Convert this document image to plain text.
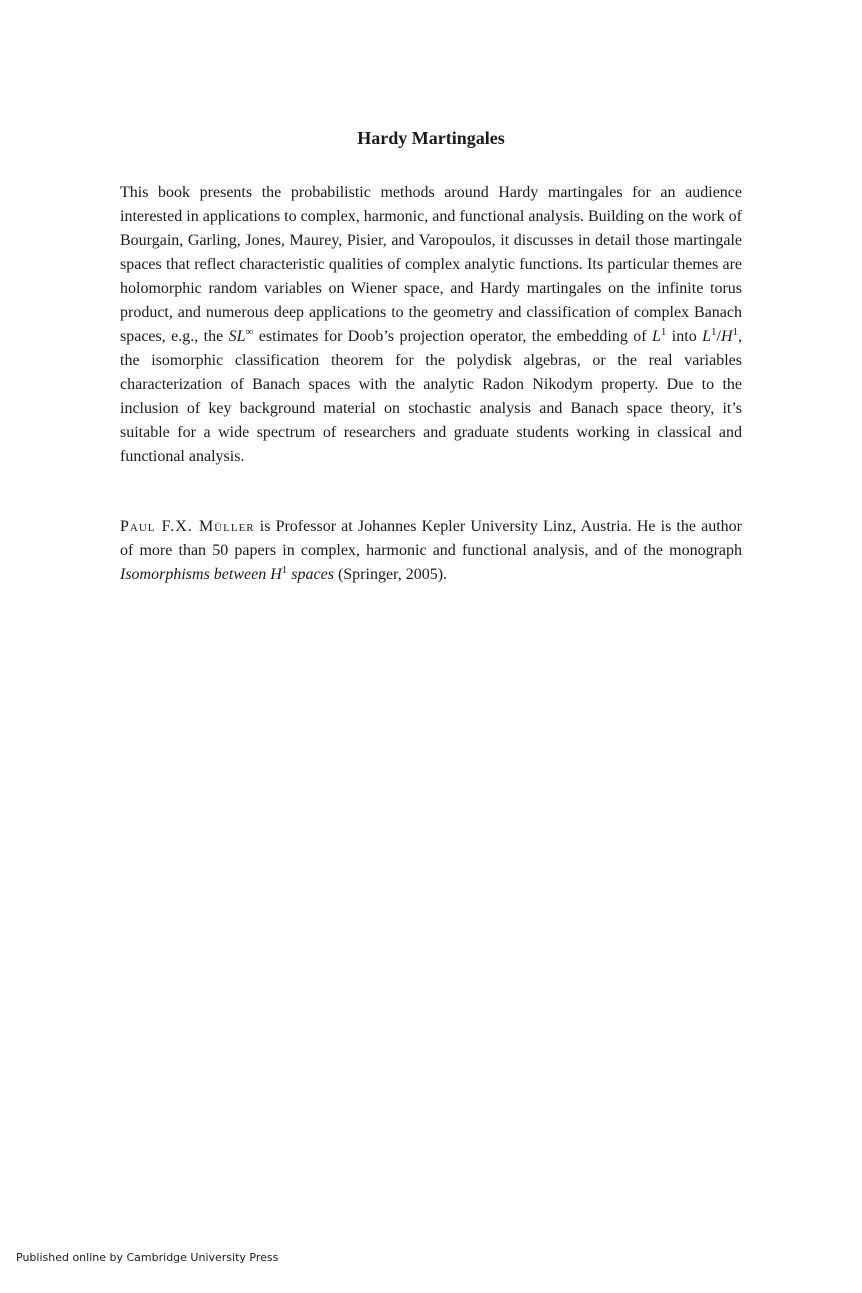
Hardy Martingales

This book presents the probabilistic methods around Hardy martingales for an audience interested in applications to complex, harmonic, and functional analysis. Building on the work of Bourgain, Garling, Jones, Maurey, Pisier, and Varopoulos, it discusses in detail those martingale spaces that reflect characteristic qualities of complex analytic functions. Its particular themes are holomorphic random variables on Wiener space, and Hardy martingales on the infinite torus product, and numerous deep applications to the geometry and classification of complex Banach spaces, e.g., the SL∞ estimates for Doob’s projection operator, the embedding of $L^1$ into $L^1/H^1$, the isomorphic classification theorem for the polydisk algebras, or the real variables characterization of Banach spaces with the analytic Radon Nikodym property. Due to the inclusion of key background material on stochastic analysis and Banach space theory, it’s suitable for a wide spectrum of researchers and graduate students working in classical and functional analysis.

Paul F.X. Müller is Professor at Johannes Kepler University Linz, Austria. He is the author of more than 50 papers in complex, harmonic and functional analysis, and of the monograph Isomorphisms between $H^1$ spaces (Springer, 2005).

Published online by Cambridge University Press
